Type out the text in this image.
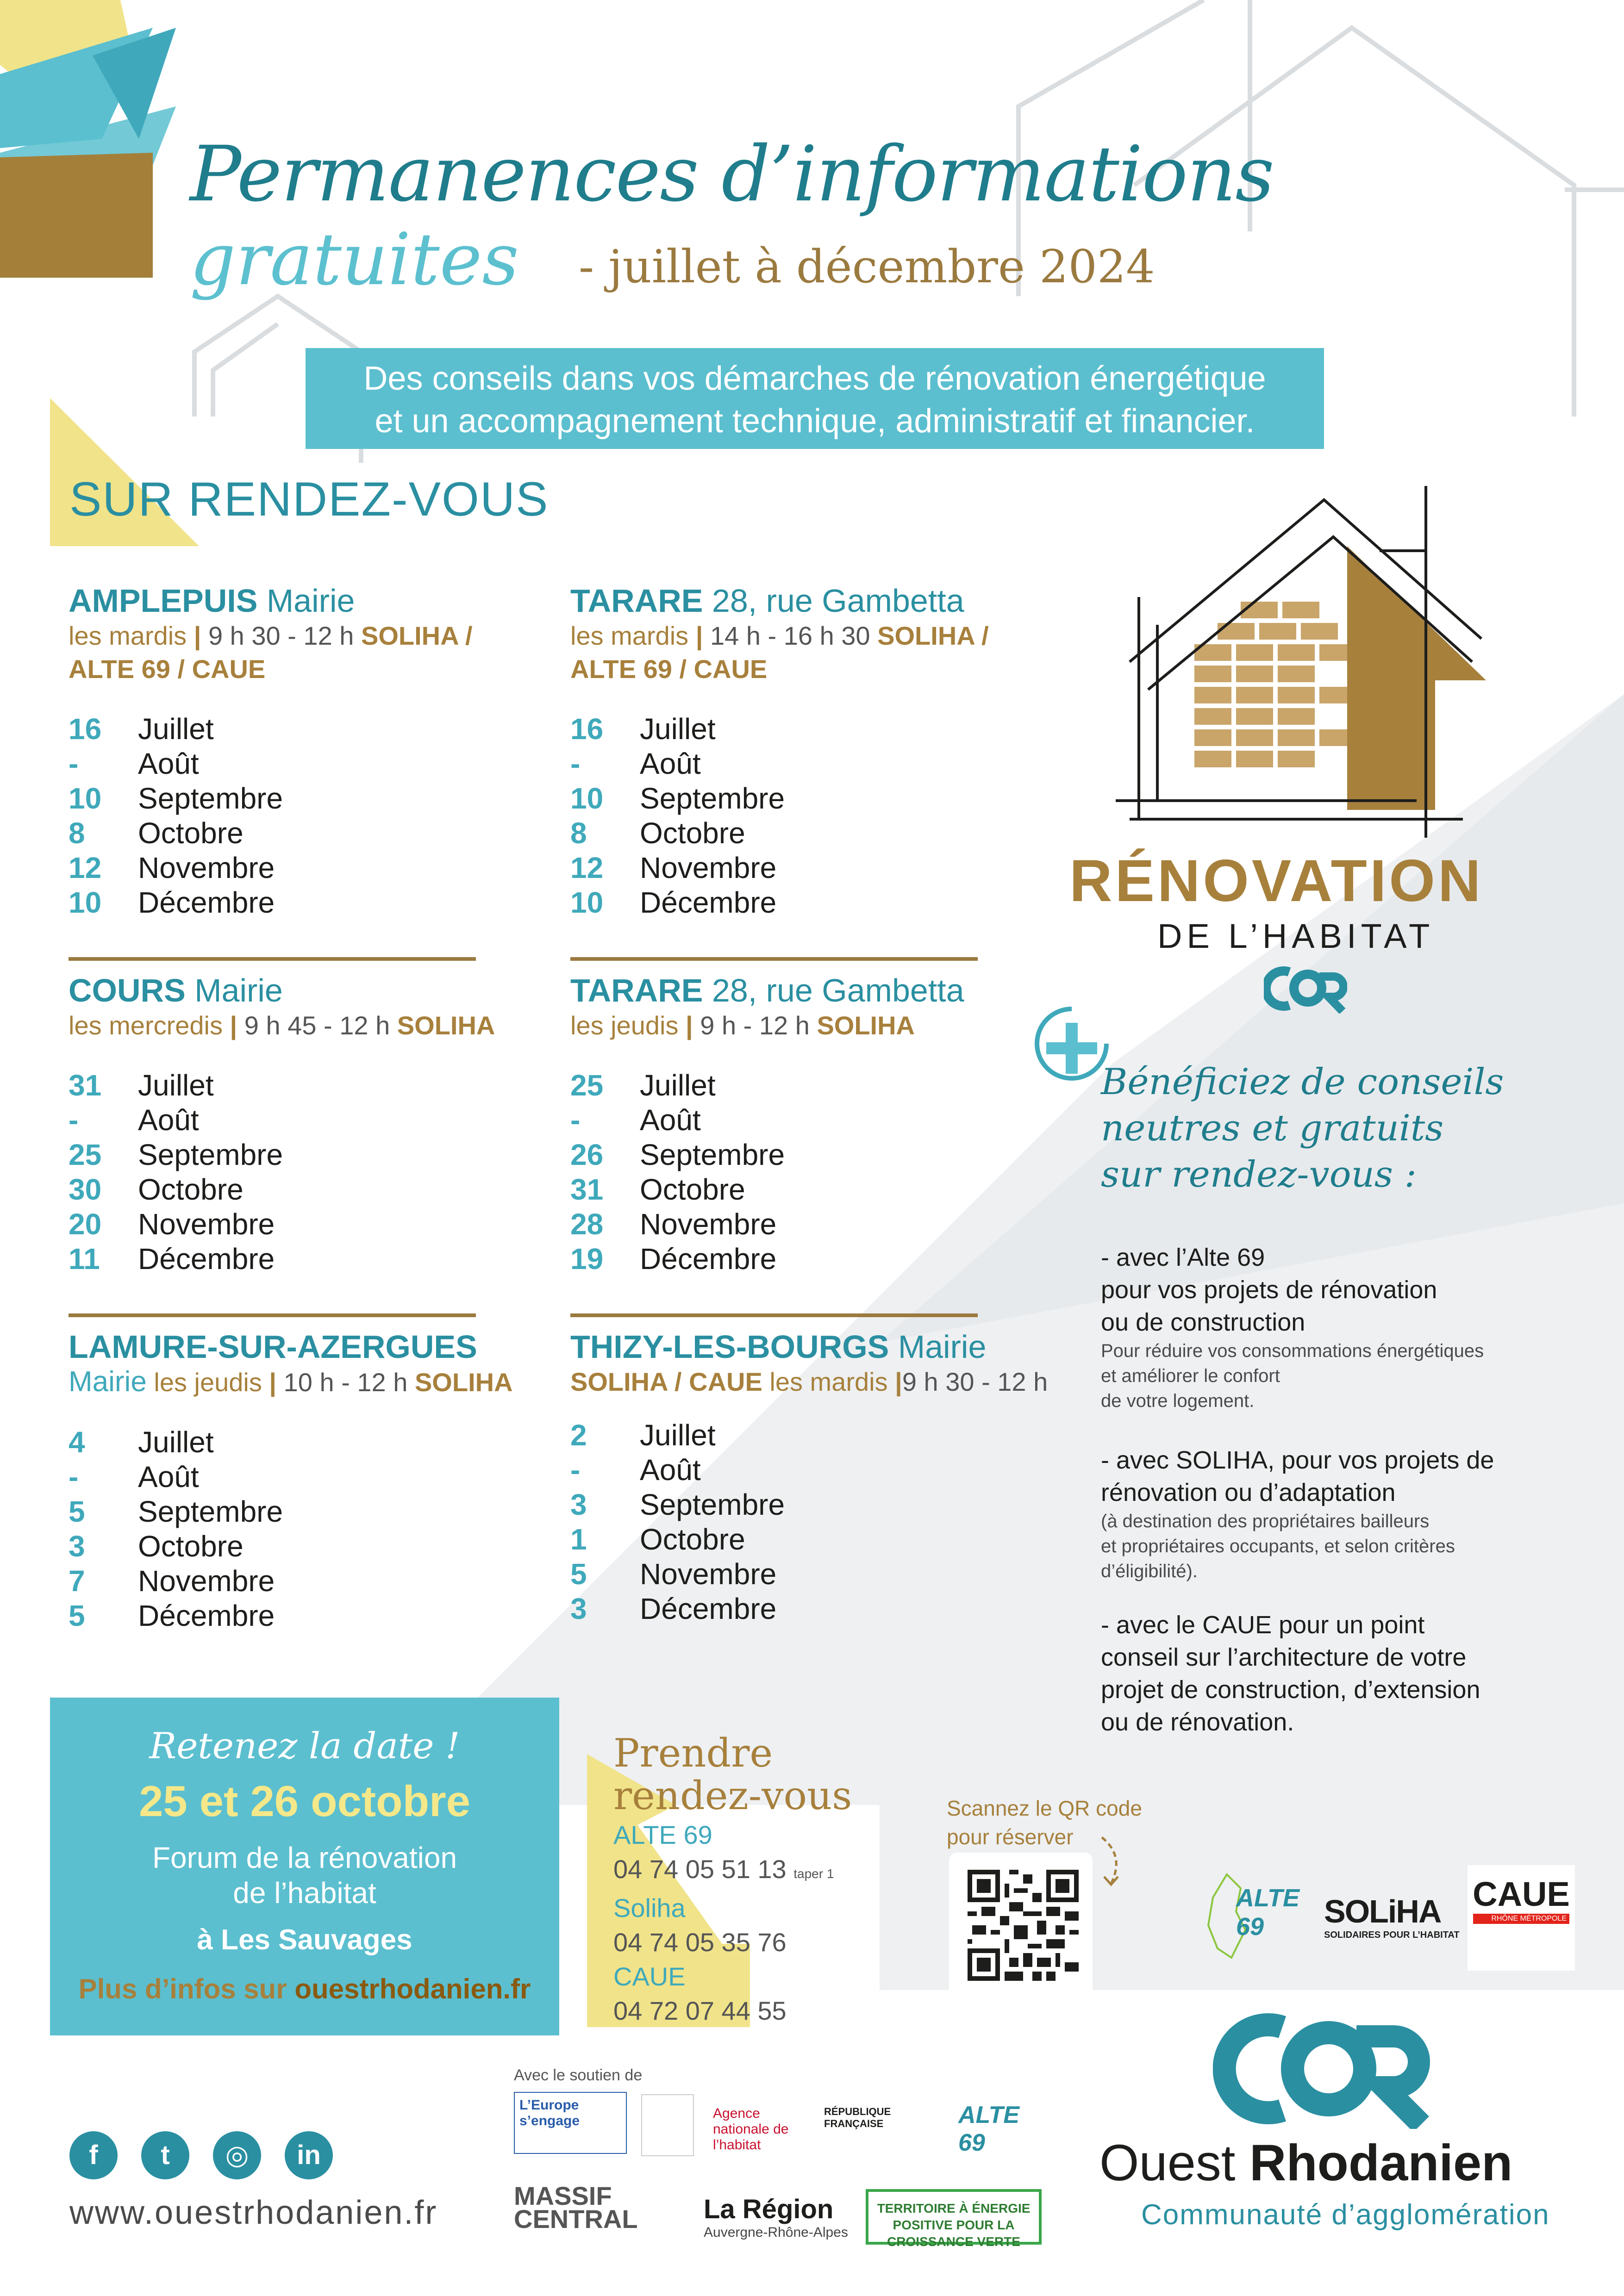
Permanences d’informations
gratuites - juillet à décembre 2024
Des conseils dans vos démarches de rénovation énergétique
et un accompagnement technique, administratif et financier.
SUR RENDEZ-VOUS
AMPLEPUIS Mairie
les mardis | 9 h 30 - 12 h SOLIHA /
ALTE 69 / CAUE
16 Juillet
- Août
10 Septembre
8 Octobre
12 Novembre
10 Décembre
TARARE 28, rue Gambetta
les mardis | 14 h - 16 h 30 SOLIHA /
ALTE 69 / CAUE
16 Juillet
- Août
10 Septembre
8 Octobre
12 Novembre
10 Décembre
COURS Mairie
les mercredis | 9 h 45 - 12 h SOLIHA
31 Juillet
- Août
25 Septembre
30 Octobre
20 Novembre
11 Décembre
TARARE 28, rue Gambetta
les jeudis | 9 h - 12 h SOLIHA
25 Juillet
- Août
26 Septembre
31 Octobre
28 Novembre
19 Décembre
LAMURE-SUR-AZERGUES
Mairie les jeudis | 10 h - 12 h SOLIHA
4 Juillet
- Août
5 Septembre
3 Octobre
7 Novembre
5 Décembre
THIZY-LES-BOURGS Mairie
SOLIHA / CAUE les mardis |9 h 30 - 12 h
2 Juillet
- Août
3 Septembre
1 Octobre
5 Novembre
3 Décembre
RÉNOVATION
DE L’HABITAT
Bénéficiez de conseils
neutres et gratuits
sur rendez-vous :
- avec l’Alte 69
pour vos projets de rénovation
ou de construction
Pour réduire vos consommations énergétiques
et améliorer le confort
de votre logement.
- avec SOLIHA, pour vos projets de
rénovation ou d’adaptation
(à destination des propriétaires bailleurs
et propriétaires occupants, et selon critères
d’éligibilité).
- avec le CAUE pour un point
conseil sur l’architecture de votre
projet de construction, d’extension
ou de rénovation.
Retenez la date !
25 et 26 octobre
Forum de la rénovation
de l’habitat
à Les Sauvages
Plus d’infos sur ouestrhodanien.fr
Prendre
rendez-vous
ALTE 69
04 74 05 51 13 taper 1
Soliha
04 74 05 35 76
CAUE
04 72 07 44 55
Scannez le QR code
pour réserver
ALTE 69	SOLiHA
SOLIDAIRES POUR L’HABITAT
CAUE
RHÔNE MÉTROPOLE
Ouest Rhodanien
Communauté d’agglomération
Avec le soutien de
L’Europe s’engage	Agence nationale de l’habitat
RÉPUBLIQUE FRANÇAISE	ALTE 69
MASSIF CENTRAL	La Région
Auvergne-Rhône-Alpes
TERRITOIRE À ÉNERGIE POSITIVE POUR LA CROISSANCE VERTE
f	t	◎	in
www.ouestrhodanien.fr
